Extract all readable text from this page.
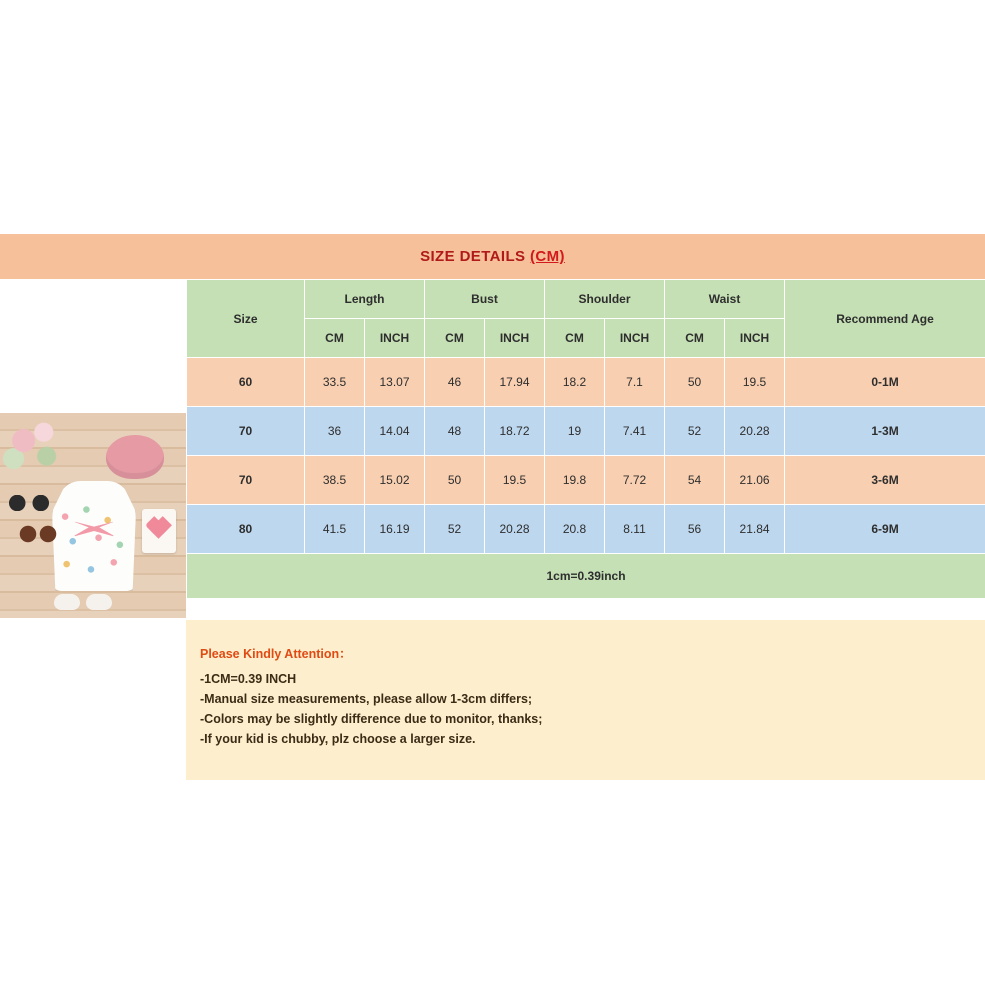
SIZE DETAILS (CM)
Size	Length		Bust		Shoulder		Waist		Recommend Age
	CM	INCH	CM	INCH	CM	INCH	CM	INCH	
60	33.5	13.07	46	17.94	18.2	7.1	50	19.5	0-1M
70	36	14.04	48	18.72	19	7.41	52	20.28	1-3M
70	38.5	15.02	50	19.5	19.8	7.72	54	21.06	3-6M
80	41.5	16.19	52	20.28	20.8	8.11	56	21.84	6-9M
1cm=0.39inch									
Please Kindly Attention：
-1CM=0.39 INCH
-Manual size measurements, please allow 1-3cm differs;
-Colors may be slightly difference due to monitor, thanks;
-If your kid is chubby, plz choose a larger size.
